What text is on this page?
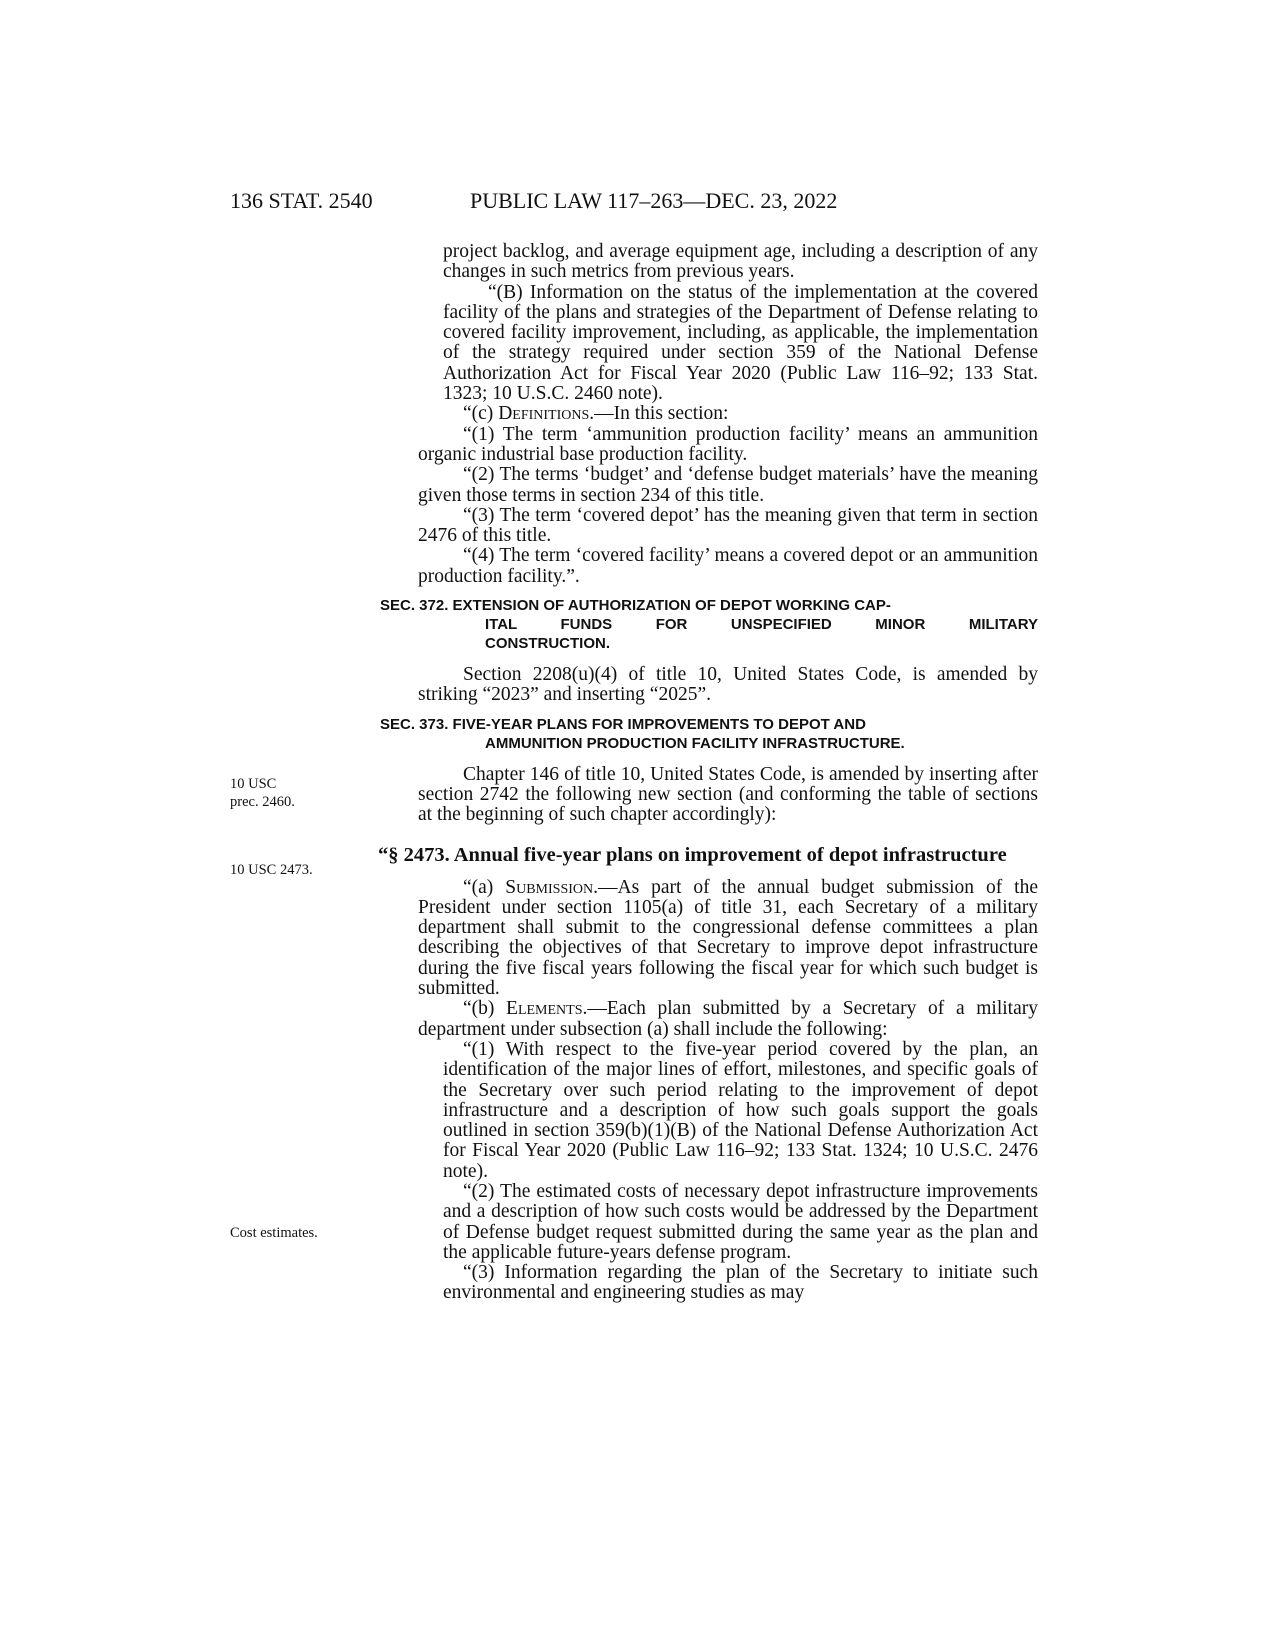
136 STAT. 2540	PUBLIC LAW 117–263—DEC. 23, 2022
10 USC
prec. 2460.
10 USC 2473.
Cost estimates.

project backlog, and average equipment age, including a description of any changes in such metrics from previous years.

“(B) Information on the status of the implementation at the covered facility of the plans and strategies of the Department of Defense relating to covered facility improvement, including, as applicable, the implementation of the strategy required under section 359 of the National Defense Authorization Act for Fiscal Year 2020 (Public Law 116–92; 133 Stat. 1323; 10 U.S.C. 2460 note).

“(c) Definitions.—In this section:

“(1) The term ‘ammunition production facility’ means an ammunition organic industrial base production facility.

“(2) The terms ‘budget’ and ‘defense budget materials’ have the meaning given those terms in section 234 of this title.

“(3) The term ‘covered depot’ has the meaning given that term in section 2476 of this title.

“(4) The term ‘covered facility’ means a covered depot or an ammunition production facility.”.

SEC. 372. EXTENSION OF AUTHORIZATION OF DEPOT WORKING CAP-
ITAL FUNDS FOR UNSPECIFIED MINOR MILITARY
CONSTRUCTION.

Section 2208(u)(4) of title 10, United States Code, is amended by striking “2023” and inserting “2025”.

SEC. 373. FIVE-YEAR PLANS FOR IMPROVEMENTS TO DEPOT AND
AMMUNITION PRODUCTION FACILITY INFRASTRUCTURE.

Chapter 146 of title 10, United States Code, is amended by inserting after section 2742 the following new section (and conforming the table of sections at the beginning of such chapter accordingly):

“§ 2473. Annual five-year plans on improvement of depot infrastructure

“(a) Submission.—As part of the annual budget submission of the President under section 1105(a) of title 31, each Secretary of a military department shall submit to the congressional defense committees a plan describing the objectives of that Secretary to improve depot infrastructure during the five fiscal years following the fiscal year for which such budget is submitted.

“(b) Elements.—Each plan submitted by a Secretary of a military department under subsection (a) shall include the following:

“(1) With respect to the five-year period covered by the plan, an identification of the major lines of effort, milestones, and specific goals of the Secretary over such period relating to the improvement of depot infrastructure and a description of how such goals support the goals outlined in section 359(b)(1)(B) of the National Defense Authorization Act for Fiscal Year 2020 (Public Law 116–92; 133 Stat. 1324; 10 U.S.C. 2476 note).

“(2) The estimated costs of necessary depot infrastructure improvements and a description of how such costs would be addressed by the Department of Defense budget request submitted during the same year as the plan and the applicable future-years defense program.

“(3) Information regarding the plan of the Secretary to initiate such environmental and engineering studies as may
